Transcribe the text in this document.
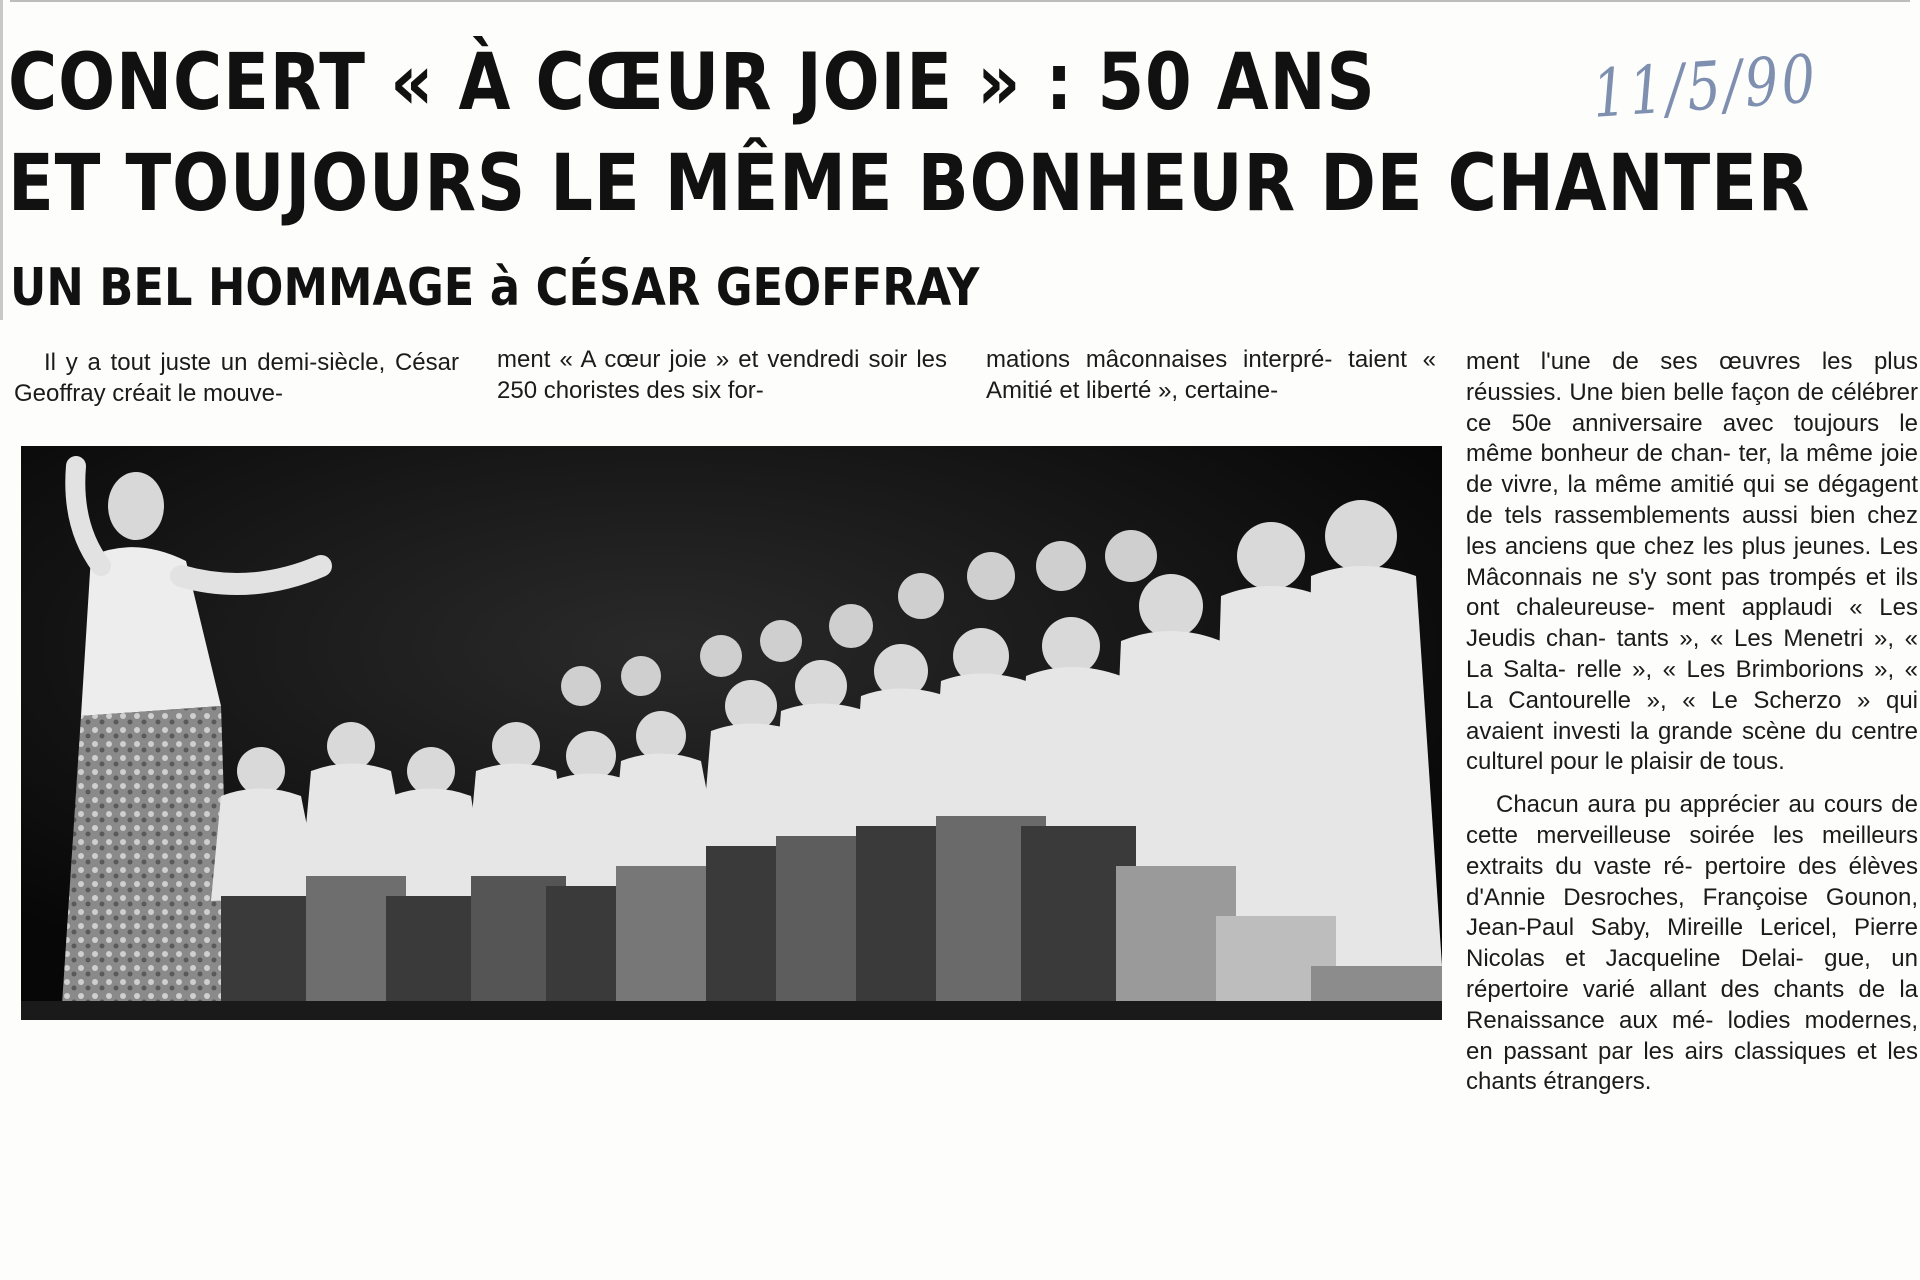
CONCERT « À CŒUR JOIE » : 50 ANS
ET TOUJOURS LE MÊME BONHEUR DE CHANTER
UN BEL HOMMAGE à CÉSAR GEOFFRAY
11/5/90

Il y a tout juste un demi-siècle, César Geoffray créait le mouve-

ment « A cœur joie » et vendredi soir les 250 choristes des six for-

mations mâconnaises interpré- taient « Amitié et liberté », certaine-

ment l'une de ses œuvres les plus réussies. Une bien belle façon de célébrer ce 50e anniversaire avec toujours le même bonheur de chan- ter, la même joie de vivre, la même amitié qui se dégagent de tels rassemblements aussi bien chez les anciens que chez les plus jeunes. Les Mâconnais ne s'y sont pas trompés et ils ont chaleureuse- ment applaudi « Les Jeudis chan- tants », « Les Menetri », « La Salta- relle », « Les Brimborions », « La Cantourelle », « Le Scherzo » qui avaient investi la grande scène du centre culturel pour le plaisir de tous.

Chacun aura pu apprécier au cours de cette merveilleuse soirée les meilleurs extraits du vaste ré- pertoire des élèves d'Annie Desroches, Françoise Gounon, Jean-Paul Saby, Mireille Lericel, Pierre Nicolas et Jacqueline Delai- gue, un répertoire varié allant des chants de la Renaissance aux mé- lodies modernes, en passant par les airs classiques et les chants étrangers.
